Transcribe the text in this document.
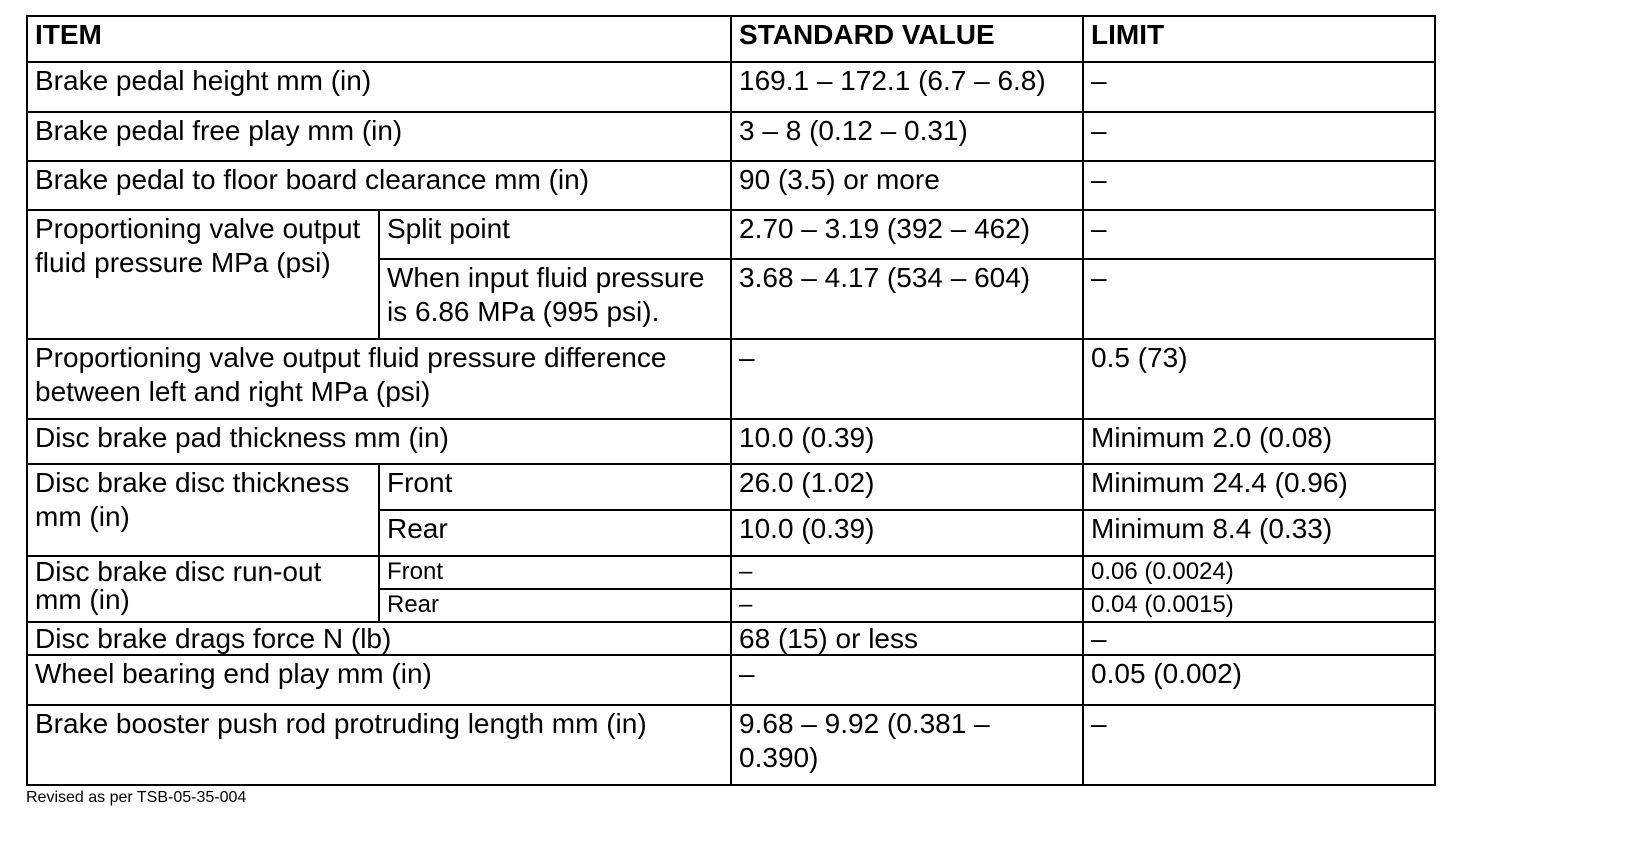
ITEM		STANDARD VALUE	LIMIT
Brake pedal height mm (in)		169.1 – 172.1 (6.7 – 6.8)	–
Brake pedal free play mm (in)		3 – 8 (0.12 – 0.31)	–
Brake pedal to floor board clearance mm (in)		90 (3.5) or more	–
Proportioning valve output fluid pressure MPa (psi)	Split point	2.70 – 3.19 (392 – 462)	–
	When input fluid pressure is 6.86 MPa (995 psi).	3.68 – 4.17 (534 – 604)	–
Proportioning valve output fluid pressure difference between left and right MPa (psi)		–	0.5 (73)
Disc brake pad thickness mm (in)		10.0 (0.39)	Minimum 2.0 (0.08)
Disc brake disc thickness mm (in)	Front	26.0 (1.02)	Minimum 24.4 (0.96)
	Rear	10.0 (0.39)	Minimum 8.4 (0.33)
Disc brake disc run-out mm (in)	Front	–	0.06 (0.0024)
	Rear	–	0.04 (0.0015)
Disc brake drags force N (lb)		68 (15) or less	–
Wheel bearing end play mm (in)		–	0.05 (0.002)
Brake booster push rod protruding length mm (in)		9.68 – 9.92 (0.381 – 0.390)	–
Revised as per TSB-05-35-004
